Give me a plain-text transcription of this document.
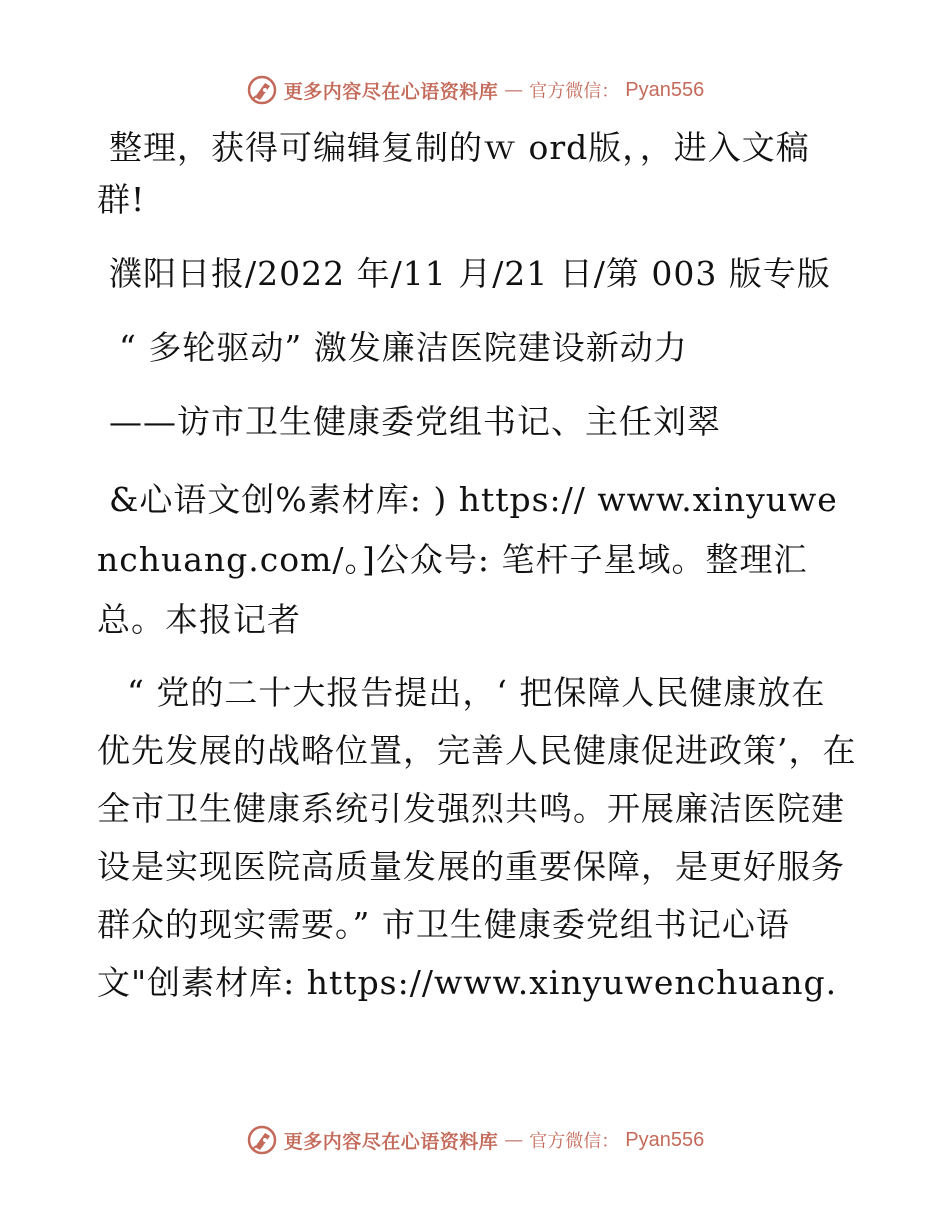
更多内容尽在心语资料库 — 官方微信： Pyan556

整理，获得可编辑复制的ｗ ord版，，进入文稿群!

濮阳日报/2022 年/11 月/21 日/第 003 版专版

“ 多轮驱动” 激发廉洁医院建设新动力

——访市卫生健康委党组书记、主任刘翠

&心语文创%素材库: ) https:// www.xinyuwenchuang.com/。]公众号: 笔杆子星域。整理汇总。本报记者

“ 党的二十大报告提出，‘ 把保障人民健康放在优先发展的战略位置，完善人民健康促进政策’，在全市卫生健康系统引发强烈共鸣。开展廉洁医院建设是实现医院高质量发展的重要保障，是更好服务群众的现实需要。” 市卫生健康委党组书记心语文"创素材库: https://www.xinyuwenchuang.

更多内容尽在心语资料库 — 官方微信： Pyan556
